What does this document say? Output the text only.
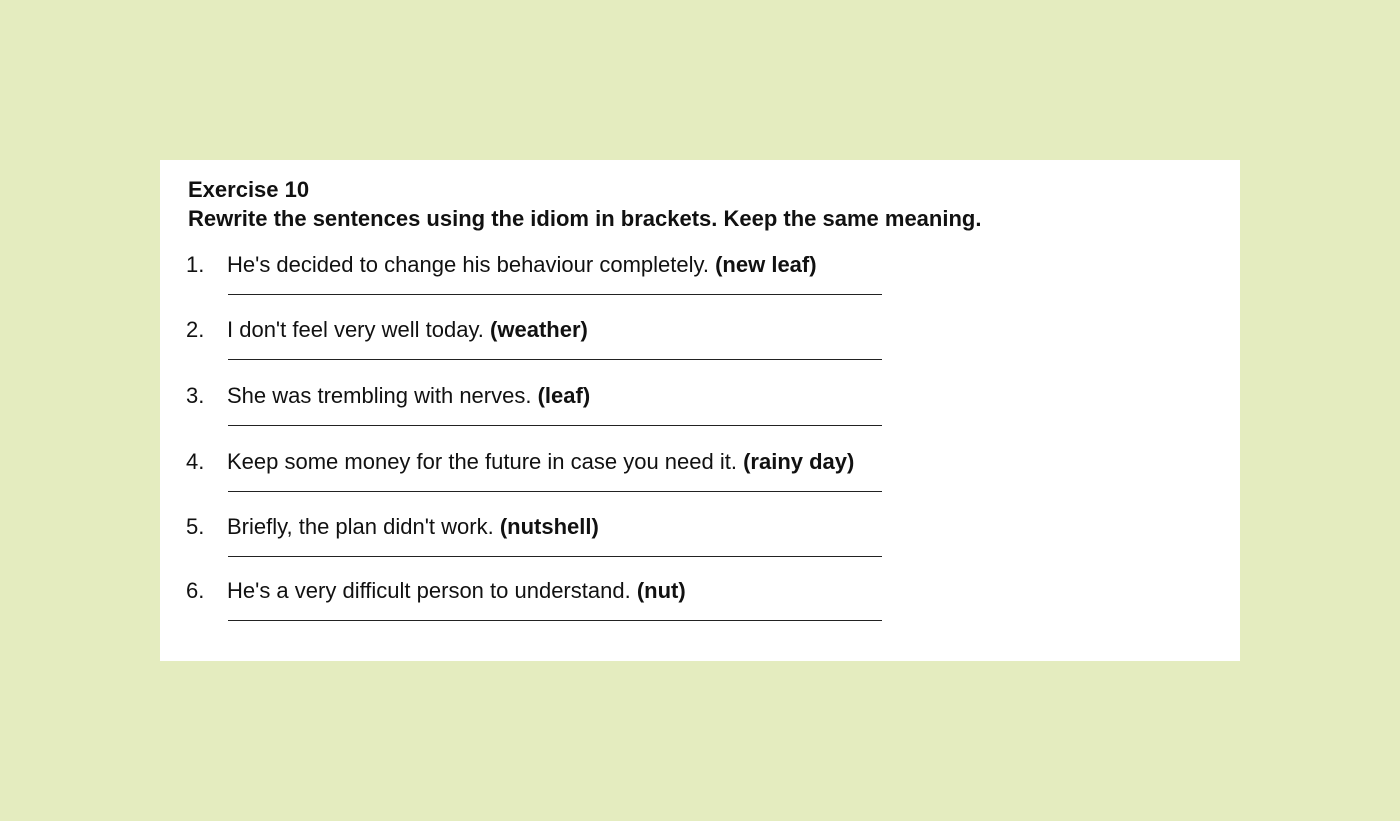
Exercise 10
Rewrite the sentences using the idiom in brackets. Keep the same meaning.
1. He's decided to change his behaviour completely. (new leaf)
2. I don't feel very well today. (weather)
3. She was trembling with nerves. (leaf)
4. Keep some money for the future in case you need it. (rainy day)
5. Briefly, the plan didn't work. (nutshell)
6. He's a very difficult person to understand. (nut)
